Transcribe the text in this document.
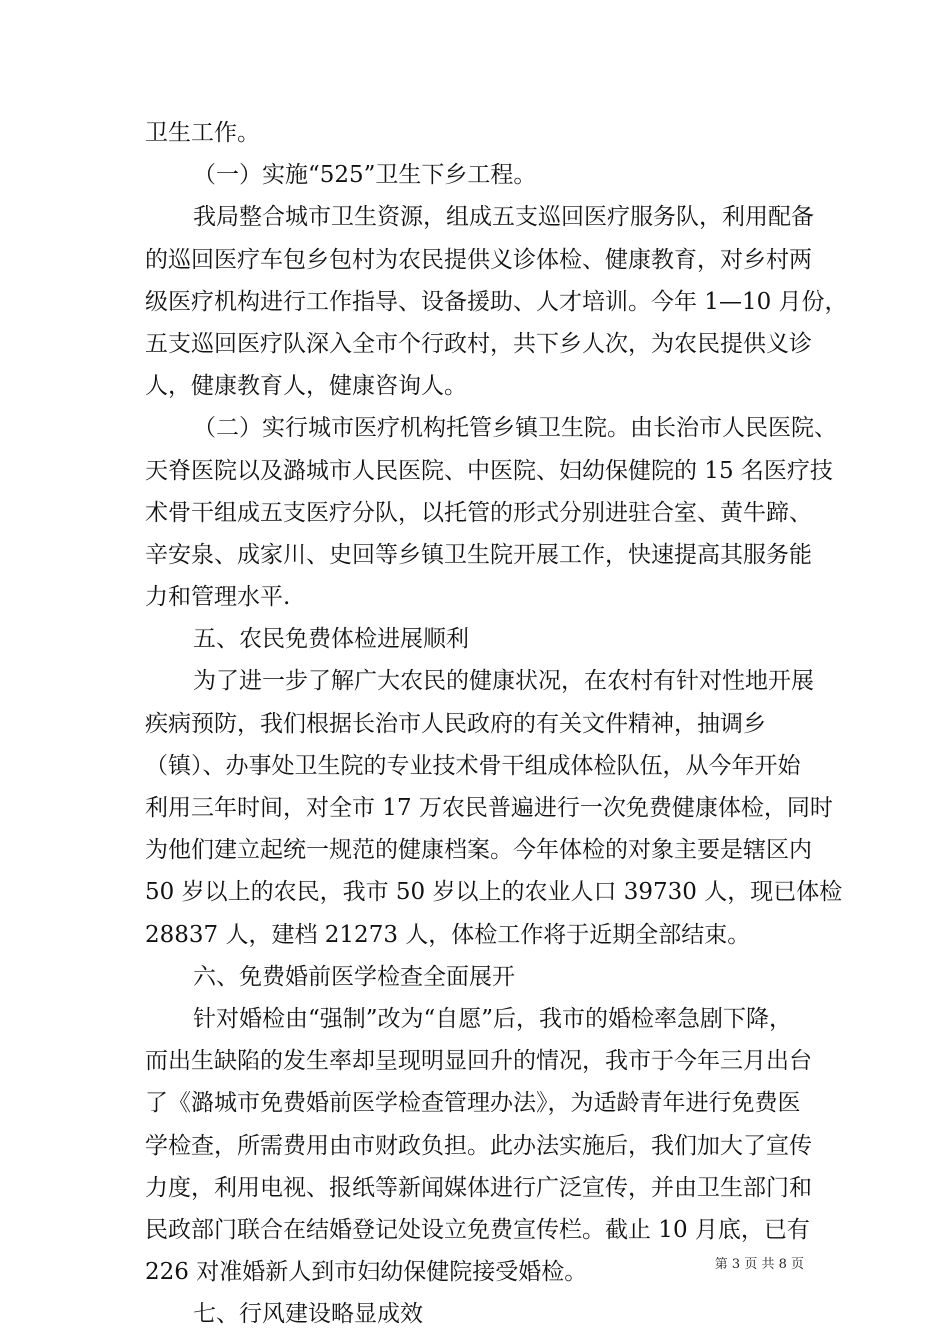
卫生工作。
（一）实施“525”卫生下乡工程。
我局整合城市卫生资源，组成五支巡回医疗服务队，利用配备
的巡回医疗车包乡包村为农民提供义诊体检、健康教育，对乡村两
级医疗机构进行工作指导、设备援助、人才培训。今年 1—10 月份，
五支巡回医疗队深入全市个行政村，共下乡人次，为农民提供义诊
人，健康教育人，健康咨询人。
（二）实行城市医疗机构托管乡镇卫生院。由长治市人民医院、
天脊医院以及潞城市人民医院、中医院、妇幼保健院的 15 名医疗技
术骨干组成五支医疗分队，以托管的形式分别进驻合室、黄牛蹄、
辛安泉、成家川、史回等乡镇卫生院开展工作，快速提高其服务能
力和管理水平.
五、农民免费体检进展顺利
为了进一步了解广大农民的健康状况，在农村有针对性地开展
疾病预防，我们根据长治市人民政府的有关文件精神，抽调乡
（镇）、办事处卫生院的专业技术骨干组成体检队伍，从今年开始
利用三年时间，对全市 17 万农民普遍进行一次免费健康体检，同时
为他们建立起统一规范的健康档案。今年体检的对象主要是辖区内
50 岁以上的农民，我市 50 岁以上的农业人口 39730 人，现已体检
28837 人，建档 21273 人，体检工作将于近期全部结束。
六、免费婚前医学检查全面展开
针对婚检由“强制”改为“自愿”后，我市的婚检率急剧下降，
而出生缺陷的发生率却呈现明显回升的情况，我市于今年三月出台
了《潞城市免费婚前医学检查管理办法》，为适龄青年进行免费医
学检查，所需费用由市财政负担。此办法实施后，我们加大了宣传
力度，利用电视、报纸等新闻媒体进行广泛宣传，并由卫生部门和
民政部门联合在结婚登记处设立免费宣传栏。截止 10 月底，已有
226 对准婚新人到市妇幼保健院接受婚检。
七、行风建设略显成效
第 3 页 共 8 页
